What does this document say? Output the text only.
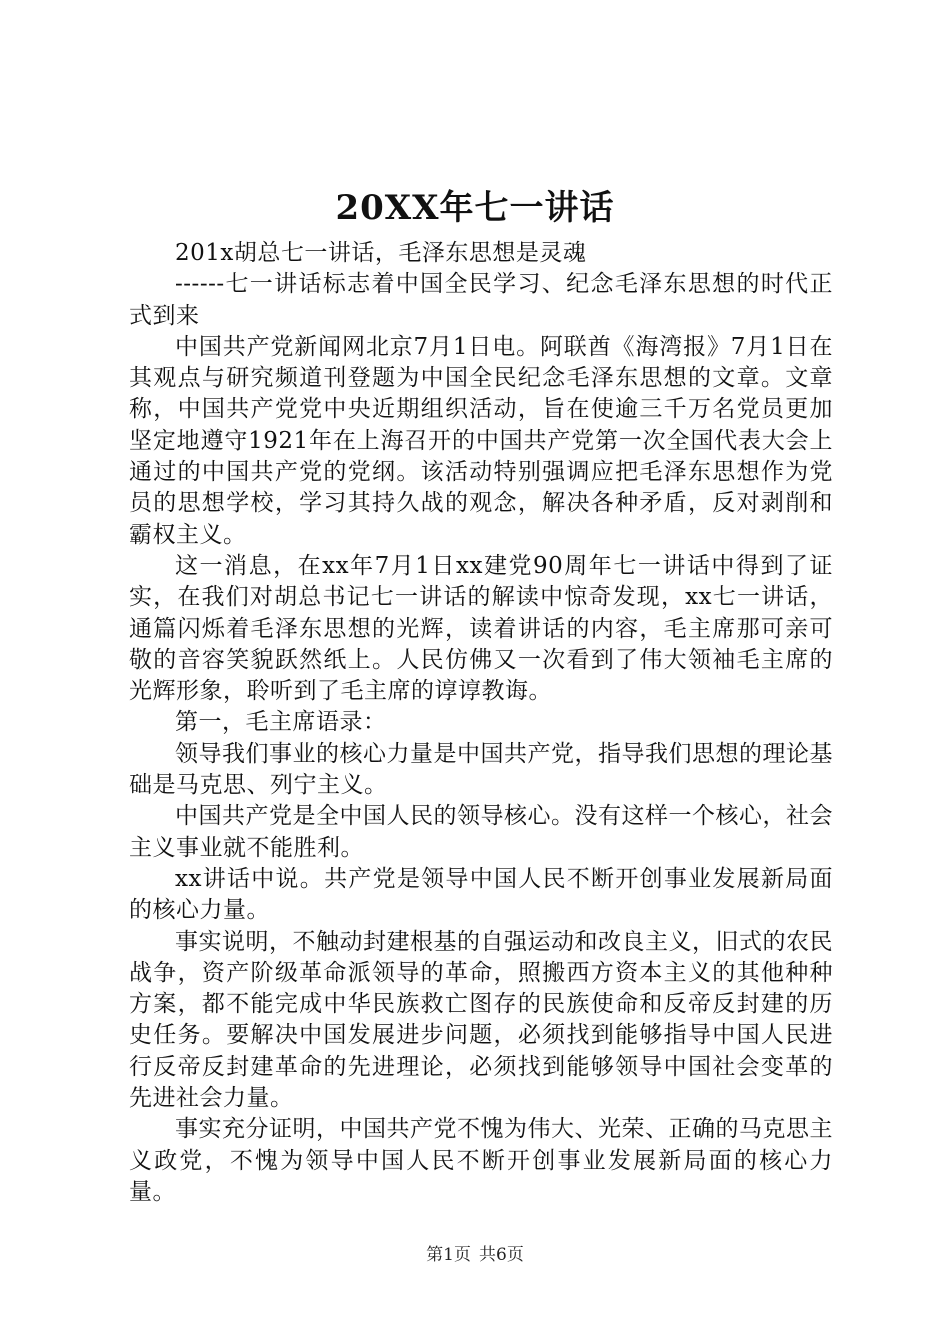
20XX年七一讲话

201x胡总七一讲话，毛泽东思想是灵魂

------七一讲话标志着中国全民学习、纪念毛泽东思想的时代正式到来

中国共产党新闻网北京7月1日电。阿联酋《海湾报》7月1日在其观点与研究频道刊登题为中国全民纪念毛泽东思想的文章。文章称，中国共产党党中央近期组织活动，旨在使逾三千万名党员更加坚定地遵守1921年在上海召开的中国共产党第一次全国代表大会上通过的中国共产党的党纲。该活动特别强调应把毛泽东思想作为党员的思想学校，学习其持久战的观念，解决各种矛盾，反对剥削和霸权主义。

这一消息，在xx年7月1日xx建党90周年七一讲话中得到了证实，在我们对胡总书记七一讲话的解读中惊奇发现，xx七一讲话，通篇闪烁着毛泽东思想的光辉，读着讲话的内容，毛主席那可亲可敬的音容笑貌跃然纸上。人民仿佛又一次看到了伟大领袖毛主席的光辉形象，聆听到了毛主席的谆谆教诲。

第一，毛主席语录：

领导我们事业的核心力量是中国共产党，指导我们思想的理论基础是马克思、列宁主义。

中国共产党是全中国人民的领导核心。没有这样一个核心，社会主义事业就不能胜利。

xx讲话中说。共产党是领导中国人民不断开创事业发展新局面的核心力量。

事实说明，不触动封建根基的自强运动和改良主义，旧式的农民战争，资产阶级革命派领导的革命，照搬西方资本主义的其他种种方案，都不能完成中华民族救亡图存的民族使命和反帝反封建的历史任务。要解决中国发展进步问题，必须找到能够指导中国人民进行反帝反封建革命的先进理论，必须找到能够领导中国社会变革的先进社会力量。

事实充分证明，中国共产党不愧为伟大、光荣、正确的马克思主义政党，不愧为领导中国人民不断开创事业发展新局面的核心力量。

第1页 共6页
